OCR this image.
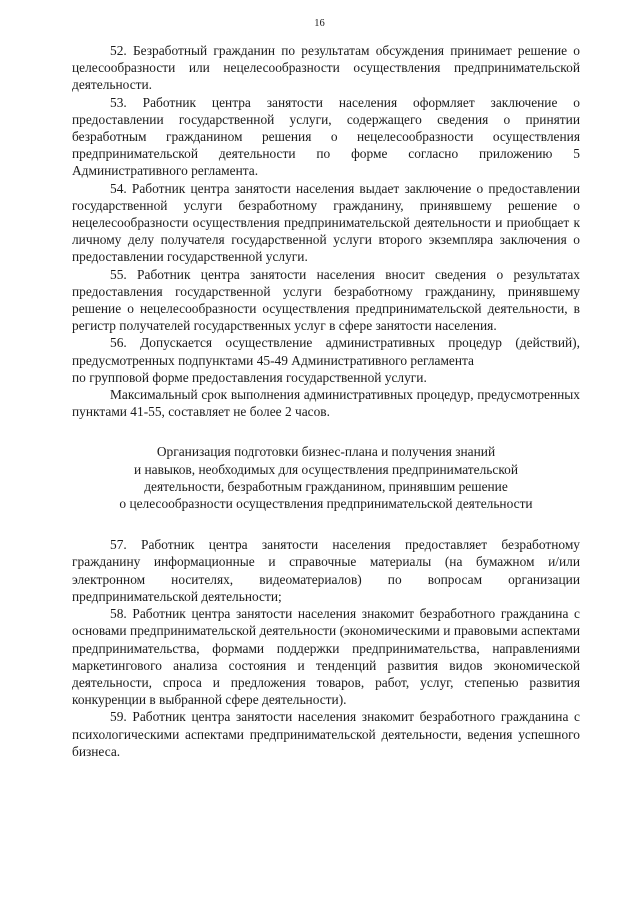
16

52. Безработный гражданин по результатам обсуждения принимает решение о целесообразности или нецелесообразности осуществления предпринимательской деятельности.

53. Работник центра занятости населения оформляет заключение о предоставлении государственной услуги, содержащего сведения о принятии безработным гражданином решения о нецелесообразности осуществления предпринимательской деятельности по форме согласно приложению 5 Административного регламента.

54. Работник центра занятости населения выдает заключение о предоставлении государственной услуги безработному гражданину, принявшему решение о нецелесообразности осуществления предпринимательской деятельности и приобщает к личному делу получателя государственной услуги второго экземпляра заключения о предоставлении государственной услуги.

55. Работник центра занятости населения вносит сведения о результатах предоставления государственной услуги безработному гражданину, принявшему решение о нецелесообразности осуществления предпринимательской деятельности, в регистр получателей государственных услуг в сфере занятости населения.

56. Допускается осуществление административных процедур (действий), предусмотренных подпунктами 45-49 Административного регламента

по групповой форме предоставления государственной услуги.

Максимальный срок выполнения административных процедур, предусмотренных пунктами 41-55, составляет не более 2 часов.

Организация подготовки бизнес-плана и получения знаний
и навыков, необходимых для осуществления предпринимательской
деятельности, безработным гражданином, принявшим решение
о целесообразности осуществления предпринимательской деятельности

57. Работник центра занятости населения предоставляет безработному гражданину информационные и справочные материалы (на бумажном и/или электронном носителях, видеоматериалов) по вопросам организации предпринимательской деятельности;

58. Работник центра занятости населения знакомит безработного гражданина с основами предпринимательской деятельности (экономическими и правовыми аспектами предпринимательства, формами поддержки предпринимательства, направлениями маркетингового анализа состояния и тенденций развития видов экономической деятельности, спроса и предложения товаров, работ, услуг, степенью развития конкуренции в выбранной сфере деятельности).

59. Работник центра занятости населения знакомит безработного гражданина с психологическими аспектами предпринимательской деятельности, ведения успешного бизнеса.
